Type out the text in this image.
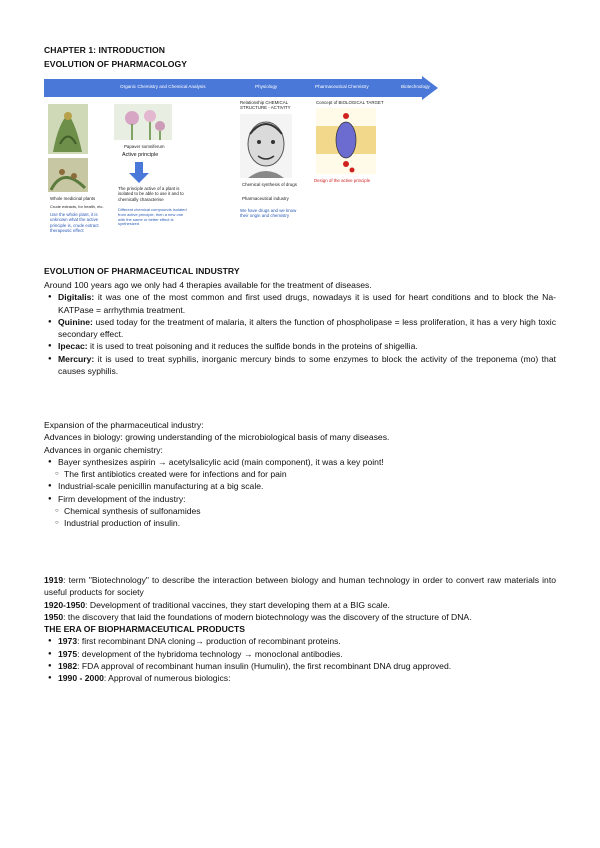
CHAPTER 1: INTRODUCTION
EVOLUTION OF PHARMACOLOGY
Organic Chemistry and Chemical Analysis	Physiology	Pharmaceutical Chemistry	Biotechnology
Whole medicinal plants
Crude extracts, for health, etc.
Use the whole plant, it is unknown what the active principle is, crude extract therapeutic effect
Papaver somniferum
Active principle
The principle active of a plant is isolated to be able to use it and to chemically characterise
Different chemical compounds isolated from active principle, then a new one with the same or better effect is synthesized
Relationship CHEMICAL STRUCTURE - ACTIVITY
Chemical synthesis of drugs
Pharmaceutical industry
We have drugs and we know their origin and chemistry
Concept of BIOLOGICAL TARGET
Design of the active principle
EVOLUTION OF PHARMACEUTICAL INDUSTRY
Around 100 years ago we only had 4 therapies available for the treatment of diseases.
● Digitalis: it was one of the most common and first used drugs, nowadays it is used for heart conditions and to block the Na-KATPase = arrhythmia treatment.
● Quinine: used today for the treatment of malaria, it alters the function of phospholipase = less proliferation, it has a very high toxic secondary effect.
● Ipecac: it is used to treat poisoning and it reduces the sulfide bonds in the proteins of shigellia.
● Mercury: it is used to treat syphilis, inorganic mercury binds to some enzymes to block the activity of the treponema (mo) that causes syphilis.
Expansion of the pharmaceutical industry:
Advances in biology: growing understanding of the microbiological basis of many diseases.
Advances in organic chemistry:
● Bayer synthesizes aspirin → acetylsalicylic acid (main component), it was a key point!
○ The first antibiotics created were for infections and for pain
● Industrial-scale penicillin manufacturing at a big scale.
● Firm development of the industry:
○ Chemical synthesis of sulfonamides
○ Industrial production of insulin.
1919: term "Biotechnology" to describe the interaction between biology and human technology in order to convert raw materials into useful products for society
1920-1950: Development of traditional vaccines, they start developing them at a BIG scale.
1950: the discovery that laid the foundations of modern biotechnology was the discovery of the structure of DNA.
THE ERA OF BIOPHARMACEUTICAL PRODUCTS
● 1973: first recombinant DNA cloning→ production of recombinant proteins.
● 1975: development of the hybridoma technology → monoclonal antibodies.
● 1982: FDA approval of recombinant human insulin (Humulin), the first recombinant DNA drug approved.
● 1990 - 2000: Approval of numerous biologics:
